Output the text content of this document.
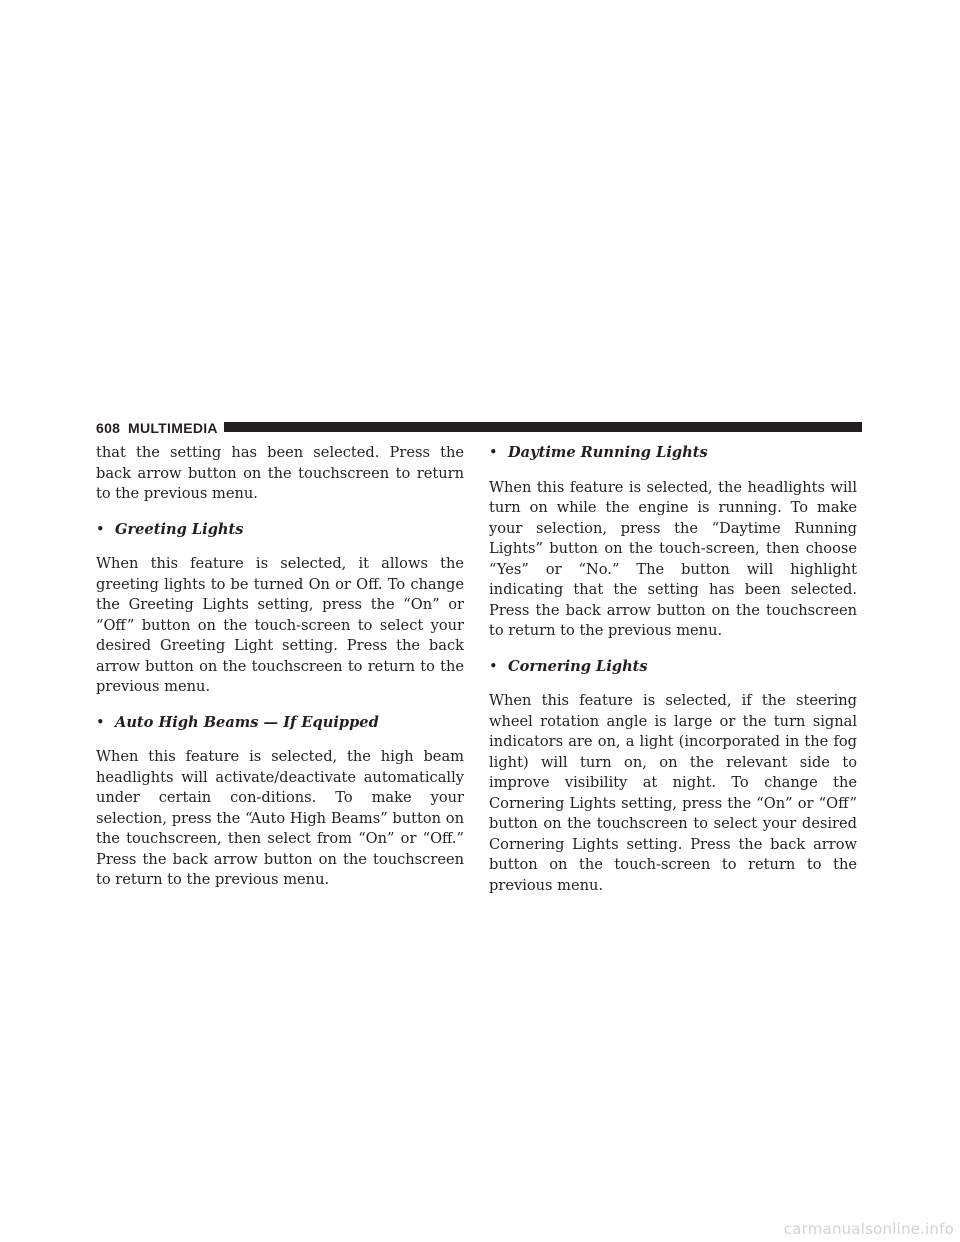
608 MULTIMEDIA

that the setting has been selected. Press the back arrow button on the touchscreen to return to the previous menu.

• Greeting Lights

When this feature is selected, it allows the greeting lights to be turned On or Off. To change the Greeting Lights setting, press the “On” or “Off” button on the touch-screen to select your desired Greeting Light setting. Press the back arrow button on the touchscreen to return to the previous menu.

• Auto High Beams — If Equipped

When this feature is selected, the high beam headlights will activate/deactivate automatically under certain con-ditions. To make your selection, press the “Auto High Beams” button on the touchscreen, then select from “On” or “Off.” Press the back arrow button on the touchscreen to return to the previous menu.

• Daytime Running Lights

When this feature is selected, the headlights will turn on while the engine is running. To make your selection, press the “Daytime Running Lights” button on the touch-screen, then choose “Yes” or “No.” The button will highlight indicating that the setting has been selected. Press the back arrow button on the touchscreen to return to the previous menu.

• Cornering Lights

When this feature is selected, if the steering wheel rotation angle is large or the turn signal indicators are on, a light (incorporated in the fog light) will turn on, on the relevant side to improve visibility at night. To change the Cornering Lights setting, press the “On” or “Off” button on the touchscreen to select your desired Cornering Lights setting. Press the back arrow button on the touch-screen to return to the previous menu.

carmanualsonline.info
